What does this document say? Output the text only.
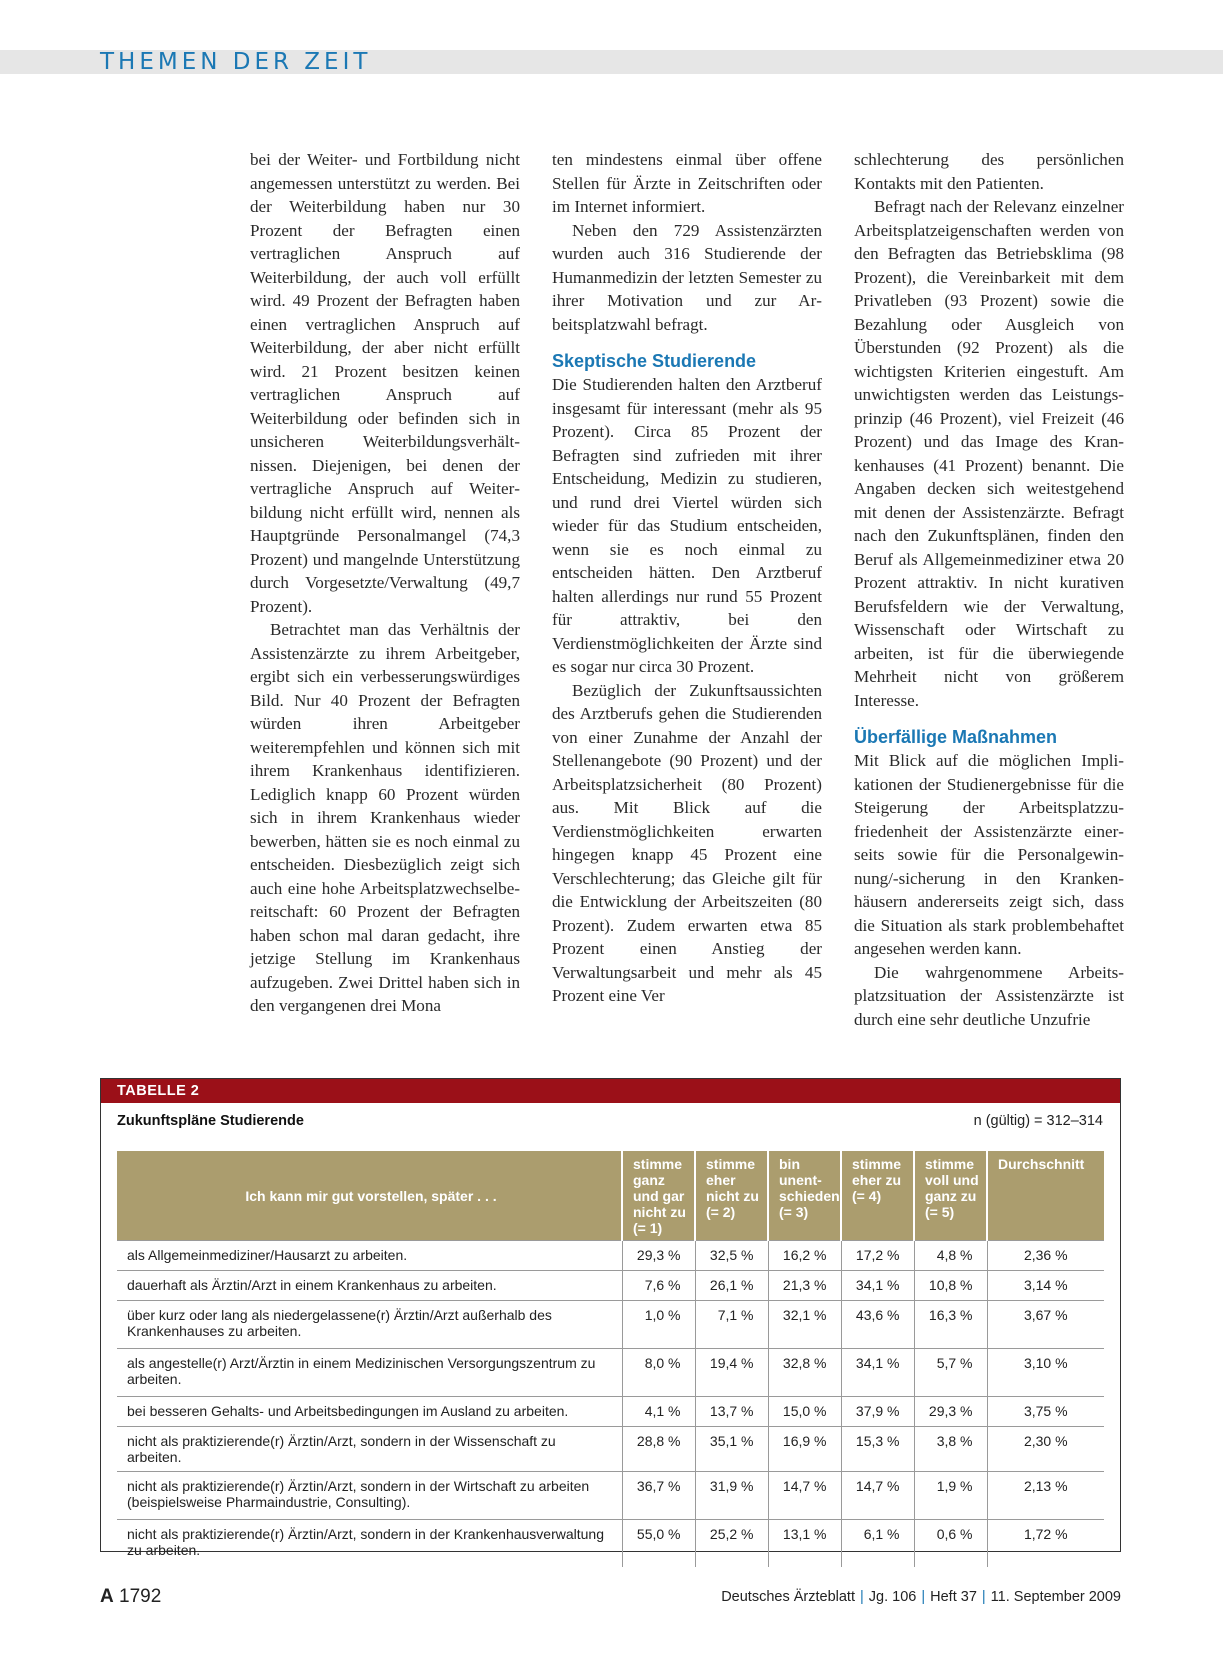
THEMEN DER ZEIT

bei der Weiter- und Fortbildung nicht angemessen unterstützt zu werden. Bei der Weiterbildung haben nur 30 Prozent der Befragten einen vertraglichen Anspruch auf Weiterbildung, der auch voll erfüllt wird. 49 Prozent der Befragten haben einen vertraglichen Anspruch auf Weiterbildung, der aber nicht erfüllt wird. 21 Prozent besitzen keinen vertraglichen Anspruch auf Weiterbildung oder befinden sich in unsicheren Weiterbildungsverhältnissen. Diejenigen, bei denen der vertragliche Anspruch auf Weiterbildung nicht erfüllt wird, nennen als Hauptgründe Personalmangel (74,3 Prozent) und mangelnde Unterstützung durch Vorgesetzte/Verwaltung (49,7 Prozent).

Betrachtet man das Verhältnis der Assistenzärzte zu ihrem Arbeitgeber, ergibt sich ein verbesserungswürdiges Bild. Nur 40 Prozent der Befragten würden ihren Arbeitgeber weiterempfehlen und können sich mit ihrem Krankenhaus identifizieren. Lediglich knapp 60 Prozent würden sich in ihrem Krankenhaus wieder bewerben, hätten sie es noch einmal zu entscheiden. Diesbezüglich zeigt sich auch eine hohe Arbeitsplatzwechselbereitschaft: 60 Prozent der Befragten haben schon mal daran gedacht, ihre jetzige Stellung im Krankenhaus aufzugeben. Zwei Drittel haben sich in den vergangenen drei Mona

ten mindestens einmal über offene Stellen für Ärzte in Zeitschriften oder im Internet informiert.

Neben den 729 Assistenzärzten wurden auch 316 Studierende der Humanmedizin der letzten Semester zu ihrer Motivation und zur Arbeitsplatzwahl befragt.

Skeptische Studierende

Die Studierenden halten den Arztberuf insgesamt für interessant (mehr als 95 Prozent). Circa 85 Prozent der Befragten sind zufrieden mit ihrer Entscheidung, Medizin zu studieren, und rund drei Viertel würden sich wieder für das Studium entscheiden, wenn sie es noch einmal zu entscheiden hätten. Den Arztberuf halten allerdings nur rund 55 Prozent für attraktiv, bei den Verdienstmöglichkeiten der Ärzte sind es sogar nur circa 30 Prozent.

Bezüglich der Zukunftsaussichten des Arztberufs gehen die Studierenden von einer Zunahme der Anzahl der Stellenangebote (90 Prozent) und der Arbeitsplatzsicherheit (80 Prozent) aus. Mit Blick auf die Verdienstmöglichkeiten erwarten hingegen knapp 45 Prozent eine Verschlechterung; das Gleiche gilt für die Entwicklung der Arbeitszeiten (80 Prozent). Zudem erwarten etwa 85 Prozent einen Anstieg der Verwaltungsarbeit und mehr als 45 Prozent eine Ver

schlechterung des persönlichen Kontakts mit den Patienten.

Befragt nach der Relevanz einzelner Arbeitsplatzeigenschaften werden von den Befragten das Betriebsklima (98 Prozent), die Vereinbarkeit mit dem Privatleben (93 Prozent) sowie die Bezahlung oder Ausgleich von Überstunden (92 Prozent) als die wichtigsten Kriterien eingestuft. Am unwichtigsten werden das Leistungsprinzip (46 Prozent), viel Freizeit (46 Prozent) und das Image des Krankenhauses (41 Prozent) benannt. Die Angaben decken sich weitestgehend mit denen der Assistenzärzte. Befragt nach den Zukunftsplänen, finden den Beruf als Allgemeinmediziner etwa 20 Prozent attraktiv. In nicht kurativen Berufsfeldern wie der Verwaltung, Wissenschaft oder Wirtschaft zu arbeiten, ist für die überwiegende Mehrheit nicht von größerem Interesse.

Überfällige Maßnahmen

Mit Blick auf die möglichen Implikationen der Studienergebnisse für die Steigerung der Arbeitsplatzzufriedenheit der Assistenzärzte einerseits sowie für die Personalgewinnung/-sicherung in den Krankenhäusern andererseits zeigt sich, dass die Situation als stark problembehaftet angesehen werden kann.

Die wahrgenommene Arbeitsplatzsituation der Assistenzärzte ist durch eine sehr deutliche Unzufrie

TABELLE 2
Zukunftspläne Studierende	n (gültig) = 312–314
Ich kann mir gut vorstellen, später . . .	stimme ganz und gar nicht zu (= 1)	stimme eher nicht zu (= 2)	bin unentschieden (= 3)	stimme eher zu (= 4)	stimme voll und ganz zu (= 5)	Durchschnitt
als Allgemeinmediziner/Hausarzt zu arbeiten.	29,3 %	32,5 %	16,2 %	17,2 %	4,8 %	2,36 %
dauerhaft als Ärztin/Arzt in einem Krankenhaus zu arbeiten.	7,6 %	26,1 %	21,3 %	34,1 %	10,8 %	3,14 %
über kurz oder lang als niedergelassene(r) Ärztin/Arzt außerhalb des Krankenhauses zu arbeiten.	1,0 %	7,1 %	32,1 %	43,6 %	16,3 %	3,67 %
als angestelle(r) Arzt/Ärztin in einem Medizinischen Versorgungszentrum zu arbeiten.	8,0 %	19,4 %	32,8 %	34,1 %	5,7 %	3,10 %
bei besseren Gehalts- und Arbeitsbedingungen im Ausland zu arbeiten.	4,1 %	13,7 %	15,0 %	37,9 %	29,3 %	3,75 %
nicht als praktizierende(r) Ärztin/Arzt, sondern in der Wissenschaft zu arbeiten.	28,8 %	35,1 %	16,9 %	15,3 %	3,8 %	2,30 %
nicht als praktizierende(r) Ärztin/Arzt, sondern in der Wirtschaft zu arbeiten (beispielsweise Pharmaindustrie, Consulting).	36,7 %	31,9 %	14,7 %	14,7 %	1,9 %	2,13 %
nicht als praktizierende(r) Ärztin/Arzt, sondern in der Krankenhausverwaltung zu arbeiten.	55,0 %	25,2 %	13,1 %	6,1 %	0,6 %	1,72 %
A 1792	Deutsches Ärzteblatt | Jg. 106 | Heft 37 | 11. September 2009
